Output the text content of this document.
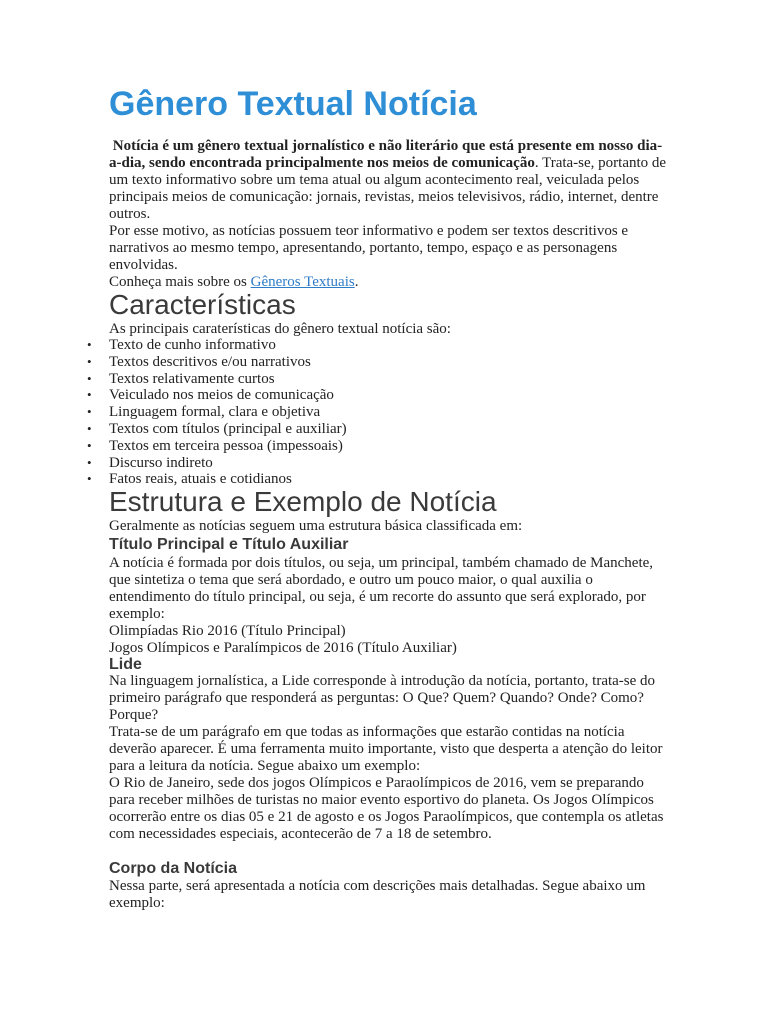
Gênero Textual Notícia

Notícia é um gênero textual jornalístico e não literário que está presente em nosso dia-a-dia, sendo encontrada principalmente nos meios de comunicação. Trata-se, portanto de um texto informativo sobre um tema atual ou algum acontecimento real, veiculada pelos principais meios de comunicação: jornais, revistas, meios televisivos, rádio, internet, dentre outros.

Por esse motivo, as notícias possuem teor informativo e podem ser textos descritivos e narrativos ao mesmo tempo, apresentando, portanto, tempo, espaço e as personagens envolvidas.

Conheça mais sobre os Gêneros Textuais.

Características
As principais caraterísticas do gênero textual notícia são:
• Texto de cunho informativo
• Textos descritivos e/ou narrativos
• Textos relativamente curtos
• Veiculado nos meios de comunicação
• Linguagem formal, clara e objetiva
• Textos com títulos (principal e auxiliar)
• Textos em terceira pessoa (impessoais)
• Discurso indireto
• Fatos reais, atuais e cotidianos
Estrutura e Exemplo de Notícia
Geralmente as notícias seguem uma estrutura básica classificada em:
Título Principal e Título Auxiliar

A notícia é formada por dois títulos, ou seja, um principal, também chamado de Manchete, que sintetiza o tema que será abordado, e outro um pouco maior, o qual auxilia o entendimento do título principal, ou seja, é um recorte do assunto que será explorado, por exemplo:

Olimpíadas Rio 2016 (Título Principal)

Jogos Olímpicos e Paralímpicos de 2016 (Título Auxiliar)

Lide

Na linguagem jornalística, a Lide corresponde à introdução da notícia, portanto, trata-se do primeiro parágrafo que responderá as perguntas: O Que? Quem? Quando? Onde? Como? Porque?

Trata-se de um parágrafo em que todas as informações que estarão contidas na notícia deverão aparecer. É uma ferramenta muito importante, visto que desperta a atenção do leitor para a leitura da notícia. Segue abaixo um exemplo:

O Rio de Janeiro, sede dos jogos Olímpicos e Paraolímpicos de 2016, vem se preparando para receber milhões de turistas no maior evento esportivo do planeta. Os Jogos Olímpicos ocorrerão entre os dias 05 e 21 de agosto e os Jogos Paraolímpicos, que contempla os atletas com necessidades especiais, acontecerão de 7 a 18 de setembro.

Corpo da Notícia

Nessa parte, será apresentada a notícia com descrições mais detalhadas. Segue abaixo um exemplo:
